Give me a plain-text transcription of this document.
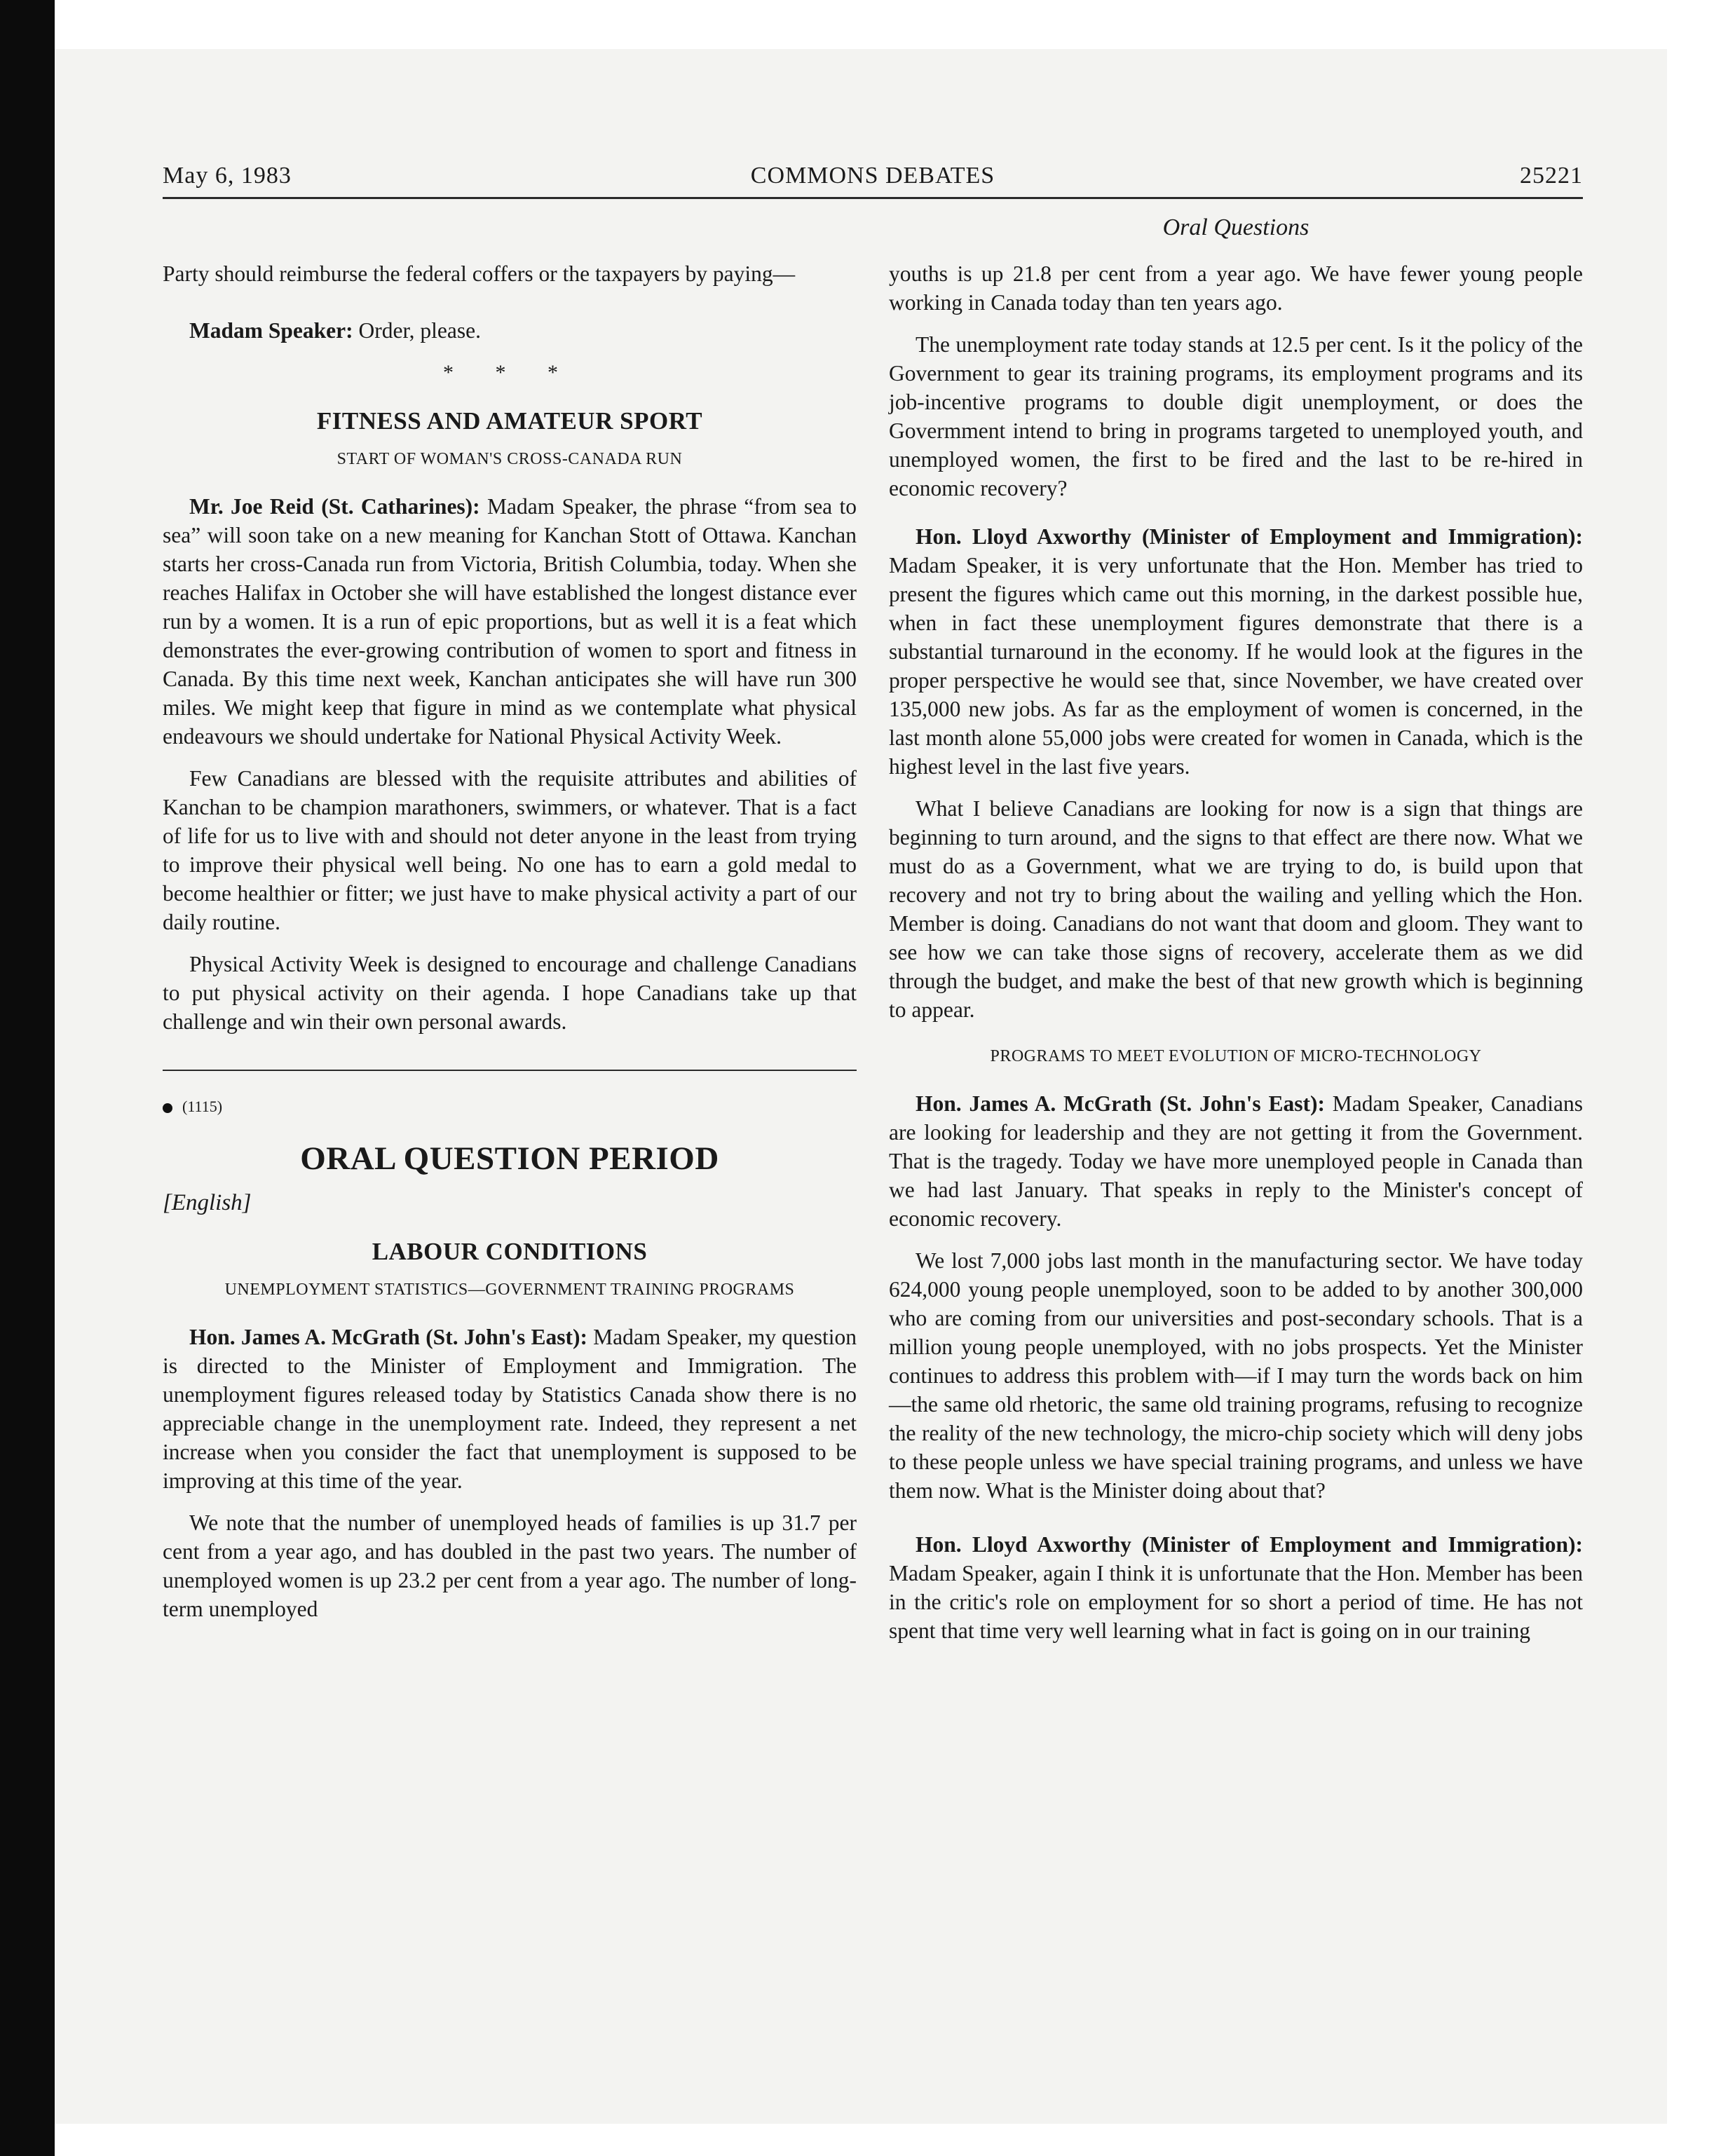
May 6, 1983	COMMONS DEBATES	25221
Oral Questions

Party should reimburse the federal coffers or the taxpayers by paying—

Madam Speaker: Order, please.

* * *
FITNESS AND AMATEUR SPORT
START OF WOMAN'S CROSS-CANADA RUN

Mr. Joe Reid (St. Catharines): Madam Speaker, the phrase “from sea to sea” will soon take on a new meaning for Kanchan Stott of Ottawa. Kanchan starts her cross-Canada run from Victoria, British Columbia, today. When she reaches Halifax in October she will have established the longest distance ever run by a women. It is a run of epic proportions, but as well it is a feat which demonstrates the ever-growing contribution of women to sport and fitness in Canada. By this time next week, Kanchan anticipates she will have run 300 miles. We might keep that figure in mind as we contemplate what physical endeavours we should undertake for National Physical Activity Week.

Few Canadians are blessed with the requisite attributes and abilities of Kanchan to be champion marathoners, swimmers, or whatever. That is a fact of life for us to live with and should not deter anyone in the least from trying to improve their physical well being. No one has to earn a gold medal to become healthier or fitter; we just have to make physical activity a part of our daily routine.

Physical Activity Week is designed to encourage and challenge Canadians to put physical activity on their agenda. I hope Canadians take up that challenge and win their own personal awards.

(1115)
ORAL QUESTION PERIOD
[English]
LABOUR CONDITIONS
UNEMPLOYMENT STATISTICS—GOVERNMENT TRAINING PROGRAMS

Hon. James A. McGrath (St. John's East): Madam Speaker, my question is directed to the Minister of Employment and Immigration. The unemployment figures released today by Statistics Canada show there is no appreciable change in the unemployment rate. Indeed, they represent a net increase when you consider the fact that unemployment is supposed to be improving at this time of the year.

We note that the number of unemployed heads of families is up 31.7 per cent from a year ago, and has doubled in the past two years. The number of unemployed women is up 23.2 per cent from a year ago. The number of long-term unemployed

youths is up 21.8 per cent from a year ago. We have fewer young people working in Canada today than ten years ago.

The unemployment rate today stands at 12.5 per cent. Is it the policy of the Government to gear its training programs, its employment programs and its job-incentive programs to double digit unemployment, or does the Govermment intend to bring in programs targeted to unemployed youth, and unemployed women, the first to be fired and the last to be re-hired in economic recovery?

Hon. Lloyd Axworthy (Minister of Employment and Immigration): Madam Speaker, it is very unfortunate that the Hon. Member has tried to present the figures which came out this morning, in the darkest possible hue, when in fact these unemployment figures demonstrate that there is a substantial turnaround in the economy. If he would look at the figures in the proper perspective he would see that, since November, we have created over 135,000 new jobs. As far as the employment of women is concerned, in the last month alone 55,000 jobs were created for women in Canada, which is the highest level in the last five years.

What I believe Canadians are looking for now is a sign that things are beginning to turn around, and the signs to that effect are there now. What we must do as a Government, what we are trying to do, is build upon that recovery and not try to bring about the wailing and yelling which the Hon. Member is doing. Canadians do not want that doom and gloom. They want to see how we can take those signs of recovery, accelerate them as we did through the budget, and make the best of that new growth which is beginning to appear.

PROGRAMS TO MEET EVOLUTION OF MICRO-TECHNOLOGY

Hon. James A. McGrath (St. John's East): Madam Speaker, Canadians are looking for leadership and they are not getting it from the Government. That is the tragedy. Today we have more unemployed people in Canada than we had last January. That speaks in reply to the Minister's concept of economic recovery.

We lost 7,000 jobs last month in the manufacturing sector. We have today 624,000 young people unemployed, soon to be added to by another 300,000 who are coming from our universities and post-secondary schools. That is a million young people unemployed, with no jobs prospects. Yet the Minister continues to address this problem with—if I may turn the words back on him—the same old rhetoric, the same old training programs, refusing to recognize the reality of the new technology, the micro-chip society which will deny jobs to these people unless we have special training programs, and unless we have them now. What is the Minister doing about that?

Hon. Lloyd Axworthy (Minister of Employment and Immigration): Madam Speaker, again I think it is unfortunate that the Hon. Member has been in the critic's role on employment for so short a period of time. He has not spent that time very well learning what in fact is going on in our training
